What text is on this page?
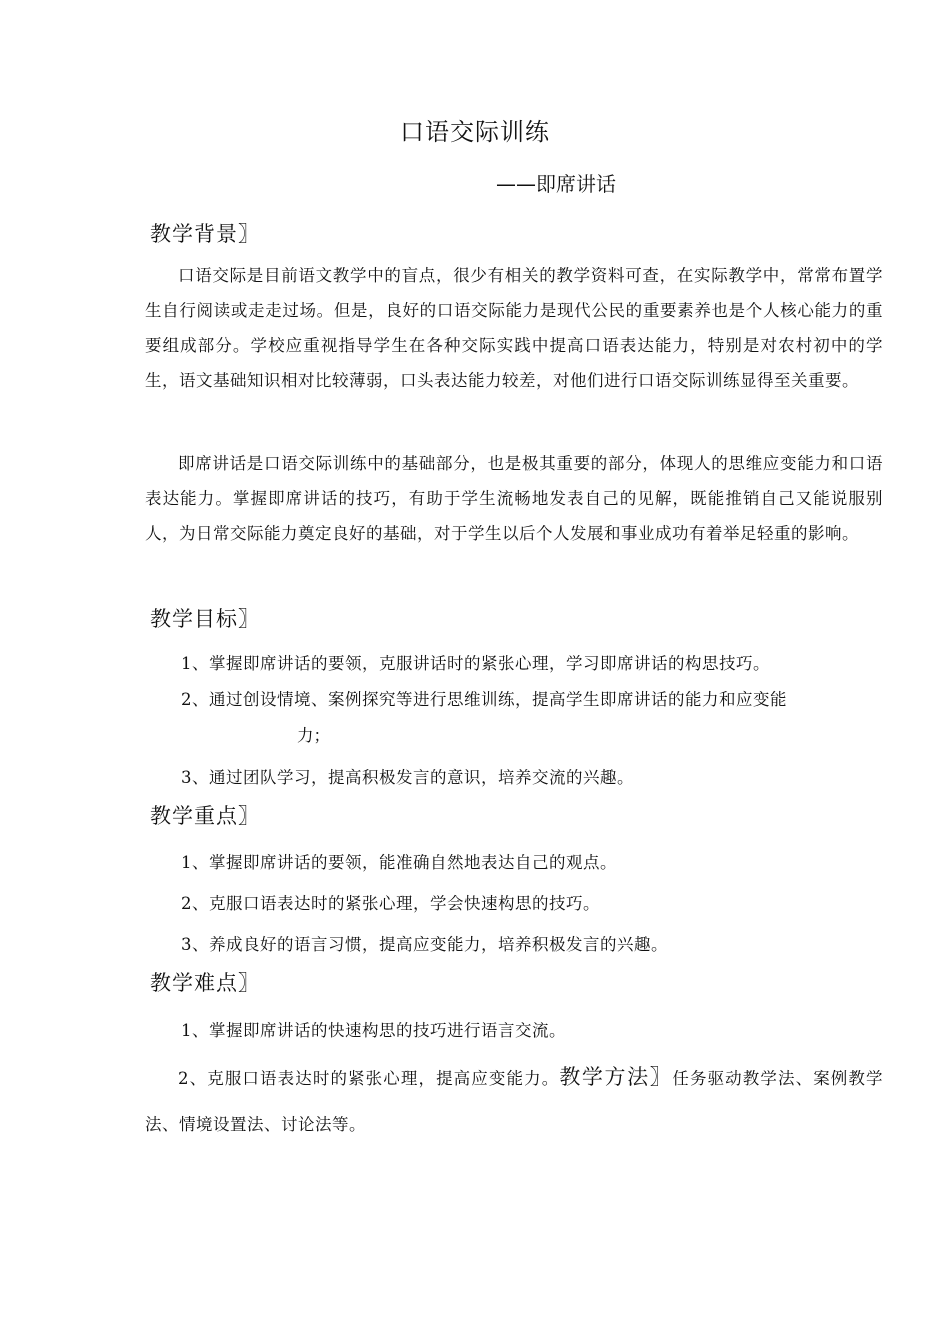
口语交际训练
——即席讲话
教学背景〗
口语交际是目前语文教学中的盲点，很少有相关的教学资料可查，在实际教学中，常常布置学生自行阅读或走走过场。但是，良好的口语交际能力是现代公民的重要素养也是个人核心能力的重要组成部分。学校应重视指导学生在各种交际实践中提高口语表达能力，特别是对农村初中的学生，语文基础知识相对比较薄弱，口头表达能力较差，对他们进行口语交际训练显得至关重要。
即席讲话是口语交际训练中的基础部分，也是极其重要的部分，体现人的思维应变能力和口语表达能力。掌握即席讲话的技巧，有助于学生流畅地发表自己的见解，既能推销自己又能说服别人，为日常交际能力奠定良好的基础，对于学生以后个人发展和事业成功有着举足轻重的影响。
教学目标〗
1、掌握即席讲话的要领，克服讲话时的紧张心理，学习即席讲话的构思技巧。
2、通过创设情境、案例探究等进行思维训练，提高学生即席讲话的能力和应变能
力；
3、通过团队学习，提高积极发言的意识，培养交流的兴趣。
教学重点〗
1、掌握即席讲话的要领，能准确自然地表达自己的观点。
2、克服口语表达时的紧张心理，学会快速构思的技巧。
3、养成良好的语言习惯，提高应变能力，培养积极发言的兴趣。
教学难点〗
1、掌握即席讲话的快速构思的技巧进行语言交流。
2、克服口语表达时的紧张心理，提高应变能力。教学方法〗任务驱动教学法、案例教学法、情境设置法、讨论法等。
